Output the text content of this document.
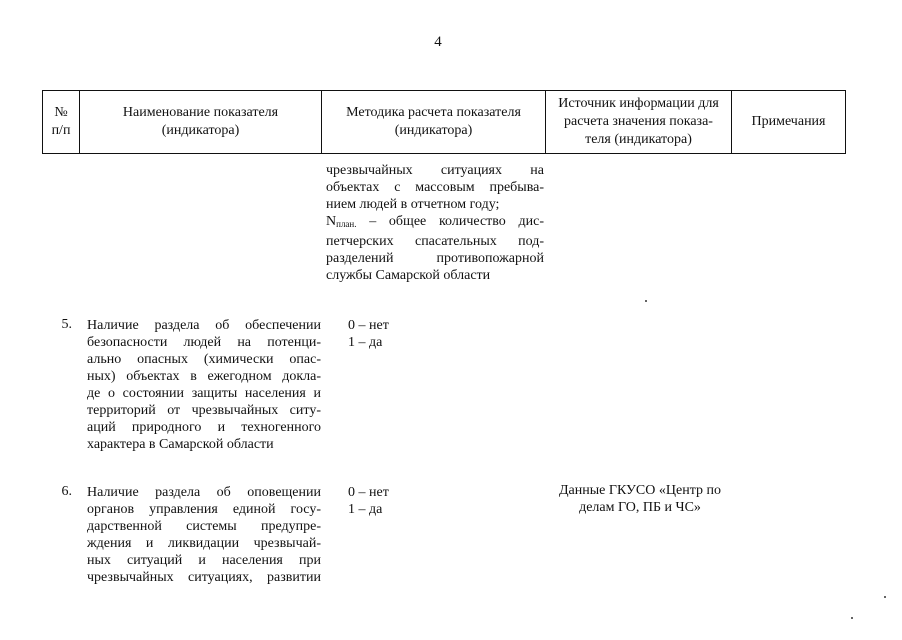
4
№
п/п
Наименование показателя
(индикатора)
Методика расчета показателя
(индикатора)
Источник информации для
расчета значения показа-
теля (индикатора)
Примечания
чрезвычайных ситуациях на
объектах с массовым пребыва-
нием людей в отчетном году;
$N_{план.}$ – общее количество дис-
петчерских спасательных под-
разделений противопожарной
службы Самарской области
5. Наличие раздела об обеспечении
безопасности людей на потенци-
ально опасных (химически опас-
ных) объектах в ежегодном докла-
де о состоянии защиты населения и
территорий от чрезвычайных ситу-
аций природного и техногенного
характера в Самарской области
0 – нет
1 – да
6. Наличие раздела об оповещении
органов управления единой госу-
дарственной системы предупре-
ждения и ликвидации чрезвычай-
ных ситуаций и населения при
чрезвычайных ситуациях, развитии
0 – нет
1 – да
Данные ГКУСО «Центр по
делам ГО, ПБ и ЧС»
